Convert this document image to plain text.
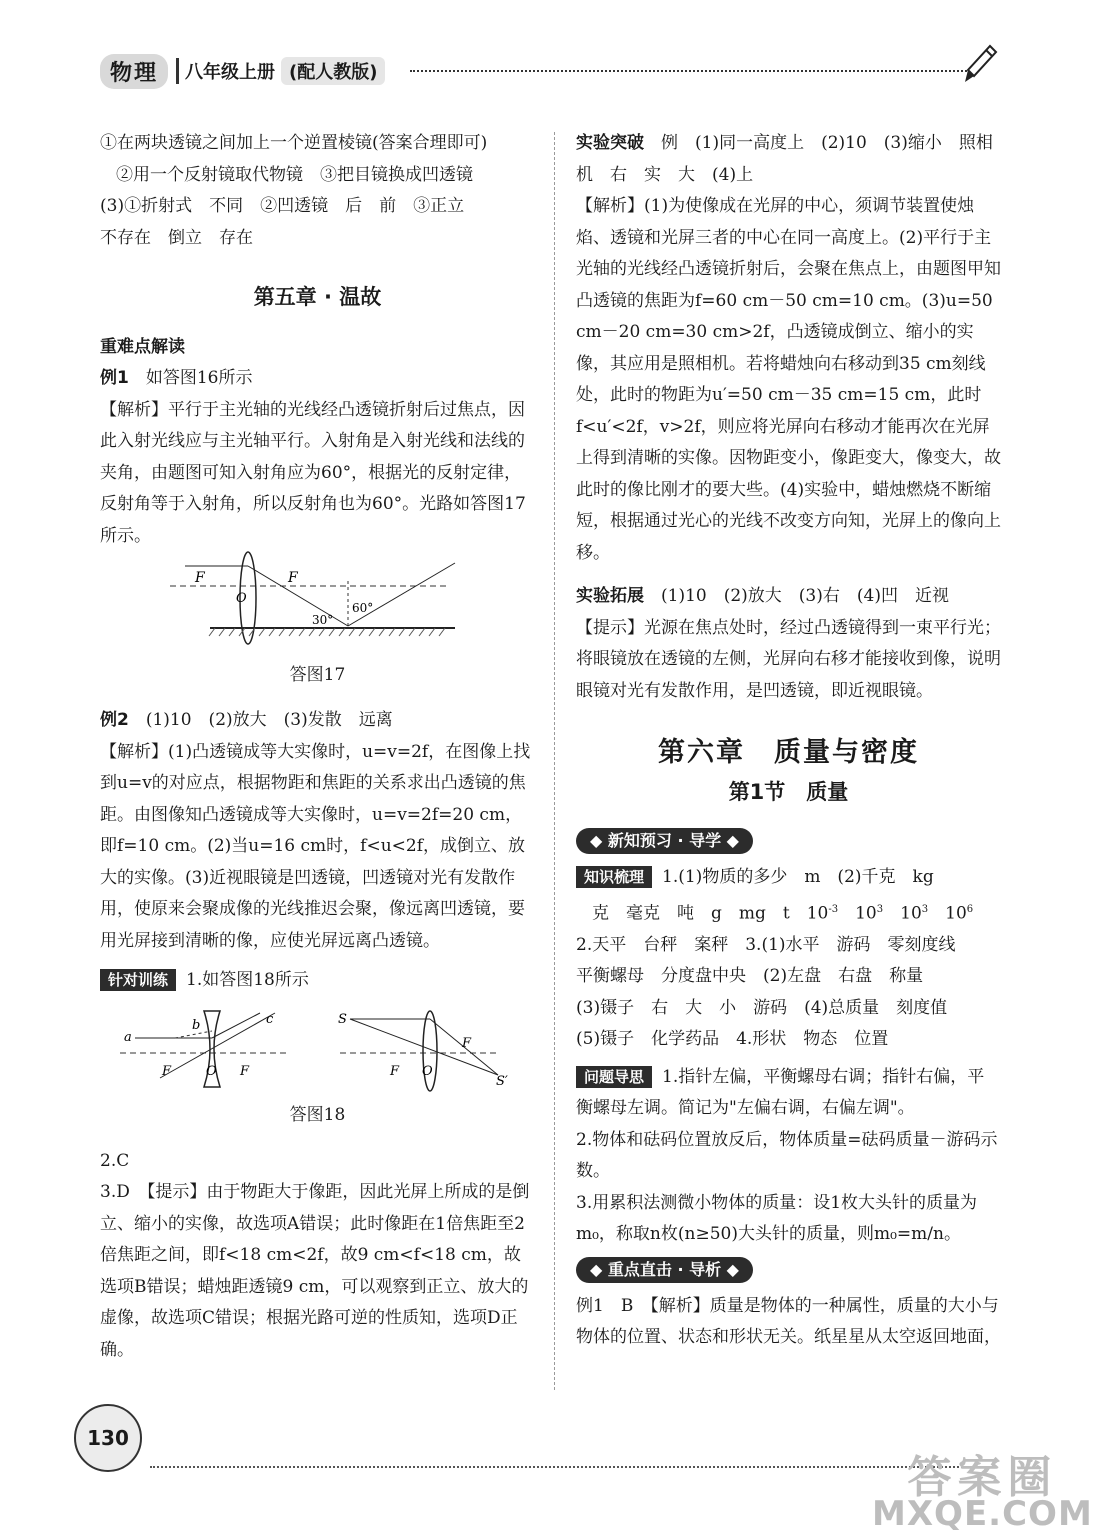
物理	八年级上册 (配人教版)

①在两块透镜之间加上一个逆置棱镜(答案合理即可)

②用一个反射镜取代物镜　③把目镜换成凹透镜

(3)①折射式　不同　②凹透镜　后　前　③正立

不存在　倒立　存在

第五章 · 温故

重难点解读

例1　 如答图16所示

【解析】平行于主光轴的光线经凸透镜折射后过焦点，因此入射光线应与主光轴平行。入射角是入射光线和法线的夹角，由题图可知入射角应为60°，根据光的反射定律，反射角等于入射角，所以反射角也为60°。光路如答图17所示。

F	F
O
30°
60°

答图17

例2　 (1)10　(2)放大　(3)发散　远离

【解析】(1)凸透镜成等大实像时，u=v=2f，在图像上找到u=v的对应点，根据物距和焦距的关系求出凸透镜的焦距。由图像知凸透镜成等大实像时，u=v=2f=20 cm，即f=10 cm。(2)当u=16 cm时，f<u<2f，成倒立、放大的实像。(3)近视眼镜是凹透镜，凹透镜对光有发散作用，使原来会聚成像的光线推迟会聚，像远离凹透镜，要用光屏接到清晰的像，应使光屏远离凸透镜。

针对训练 1.如答图18所示

a
b	c
F	F
O
S
F
F
O
S′

答图18

2.C

3.D　【提示】由于物距大于像距，因此光屏上所成的是倒立、缩小的实像，故选项A错误；此时像距在1倍焦距至2倍焦距之间，即f<18 cm<2f，故9 cm<f<18 cm，故选项B错误；蜡烛距透镜9 cm，可以观察到正立、放大的虚像，故选项C错误；根据光路可逆的性质知，选项D正确。

实验突破　 例　(1)同一高度上　(2)10　(3)缩小　照相机　右　实　大　(4)上

【解析】(1)为使像成在光屏的中心，须调节装置使烛焰、透镜和光屏三者的中心在同一高度上。(2)平行于主光轴的光线经凸透镜折射后，会聚在焦点上，由题图甲知凸透镜的焦距为f=60 cm－50 cm=10 cm。(3)u=50 cm－20 cm=30 cm>2f，凸透镜成倒立、缩小的实像，其应用是照相机。若将蜡烛向右移动到35 cm刻线处，此时的物距为u′=50 cm－35 cm=15 cm，此时f<u′<2f，v>2f，则应将光屏向右移动才能再次在光屏上得到清晰的实像。因物距变小，像距变大，像变大，故此时的像比刚才的要大些。(4)实验中，蜡烛燃烧不断缩短，根据通过光心的光线不改变方向知，光屏上的像向上移。

实验拓展　 (1)10　(2)放大　(3)右　(4)凹　近视

【提示】光源在焦点处时，经过凸透镜得到一束平行光；将眼镜放在透镜的左侧，光屏向右移才能接收到像，说明眼镜对光有发散作用，是凹透镜，即近视眼镜。

第六章　质量与密度
第1节　质量
◆ 新知预习 · 导学 ◆

知识梳理 1.(1)物质的多少　m　(2)千克　kg

克　毫克　吨　g　mg　t　$10^{-3}$　 $10^3$　 $10^3$　 $10^6$

2.天平　台秤　案秤　3.(1)水平　游码　零刻度线

平衡螺母　分度盘中央　(2)左盘　右盘　称量

(3)镊子　右　大　小　游码　(4)总质量　刻度值

(5)镊子　化学药品　4.形状　物态　位置

问题导思 1.指针左偏，平衡螺母右调；指针右偏，平衡螺母左调。简记为"左偏右调，右偏左调"。

2.物体和砝码位置放反后，物体质量=砝码质量－游码示数。

3.用累积法测微小物体的质量：设1枚大头针的质量为m₀，称取n枚(n≥50)大头针的质量，则m₀=m/n。

◆ 重点直击 · 导析 ◆

例1　B　【解析】质量是物体的一种属性，质量的大小与物体的位置、状态和形状无关。纸星星从太空返回地面，

130
答案圈
MXQE.COM
